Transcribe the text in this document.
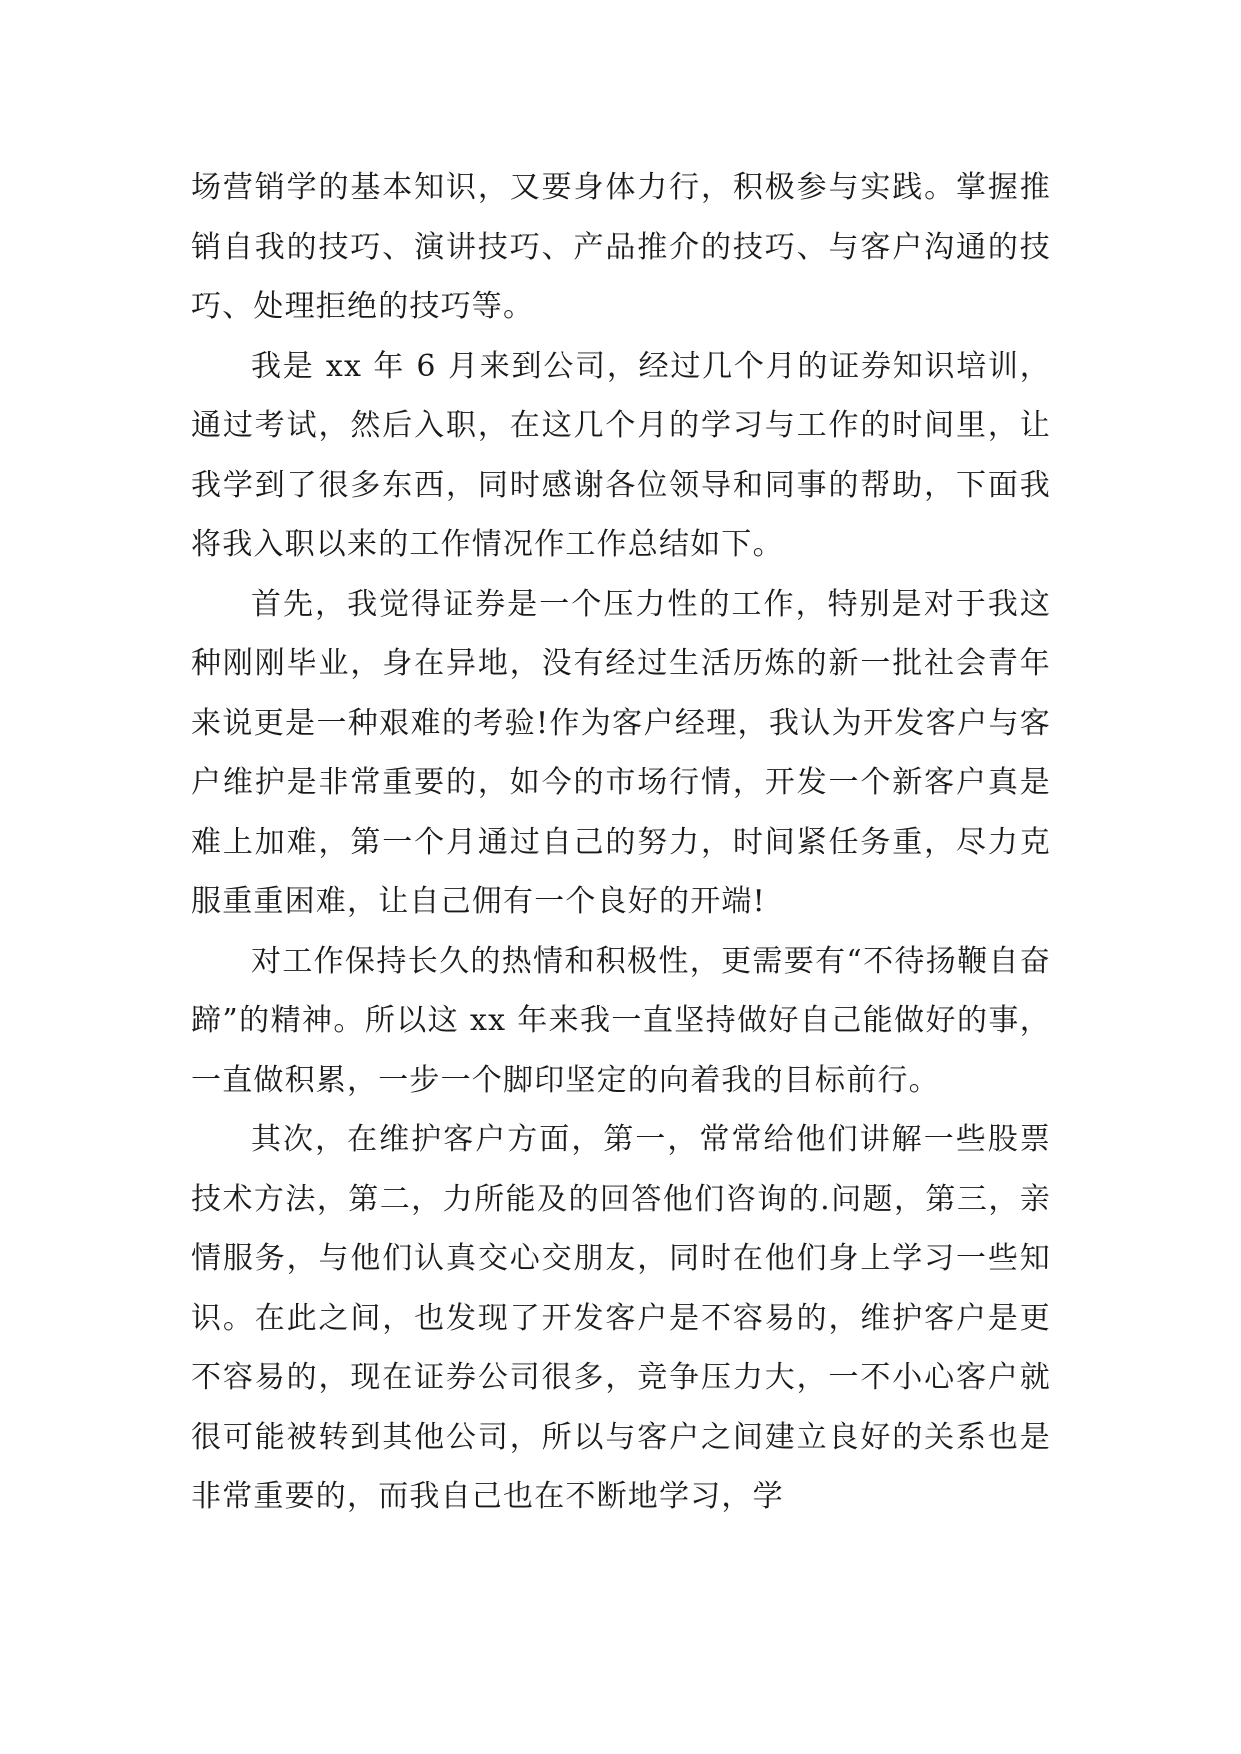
场营销学的基本知识，又要身体力行，积极参与实践。掌握推销自我的技巧、演讲技巧、产品推介的技巧、与客户沟通的技巧、处理拒绝的技巧等。

我是 xx 年 6 月来到公司，经过几个月的证券知识培训，通过考试，然后入职，在这几个月的学习与工作的时间里，让我学到了很多东西，同时感谢各位领导和同事的帮助，下面我将我入职以来的工作情况作工作总结如下。

首先，我觉得证券是一个压力性的工作，特别是对于我这种刚刚毕业，身在异地，没有经过生活历炼的新一批社会青年来说更是一种艰难的考验!作为客户经理，我认为开发客户与客户维护是非常重要的，如今的市场行情，开发一个新客户真是难上加难，第一个月通过自己的努力，时间紧任务重，尽力克服重重困难，让自己佣有一个良好的开端!

对工作保持长久的热情和积极性，更需要有“不待扬鞭自奋蹄”的精神。所以这 xx 年来我一直坚持做好自己能做好的事，一直做积累，一步一个脚印坚定的向着我的目标前行。

其次，在维护客户方面，第一，常常给他们讲解一些股票技术方法，第二，力所能及的回答他们咨询的.问题，第三，亲情服务，与他们认真交心交朋友，同时在他们身上学习一些知识。在此之间，也发现了开发客户是不容易的，维护客户是更不容易的，现在证券公司很多，竞争压力大，一不小心客户就很可能被转到其他公司，所以与客户之间建立良好的关系也是非常重要的，而我自己也在不断地学习，学
